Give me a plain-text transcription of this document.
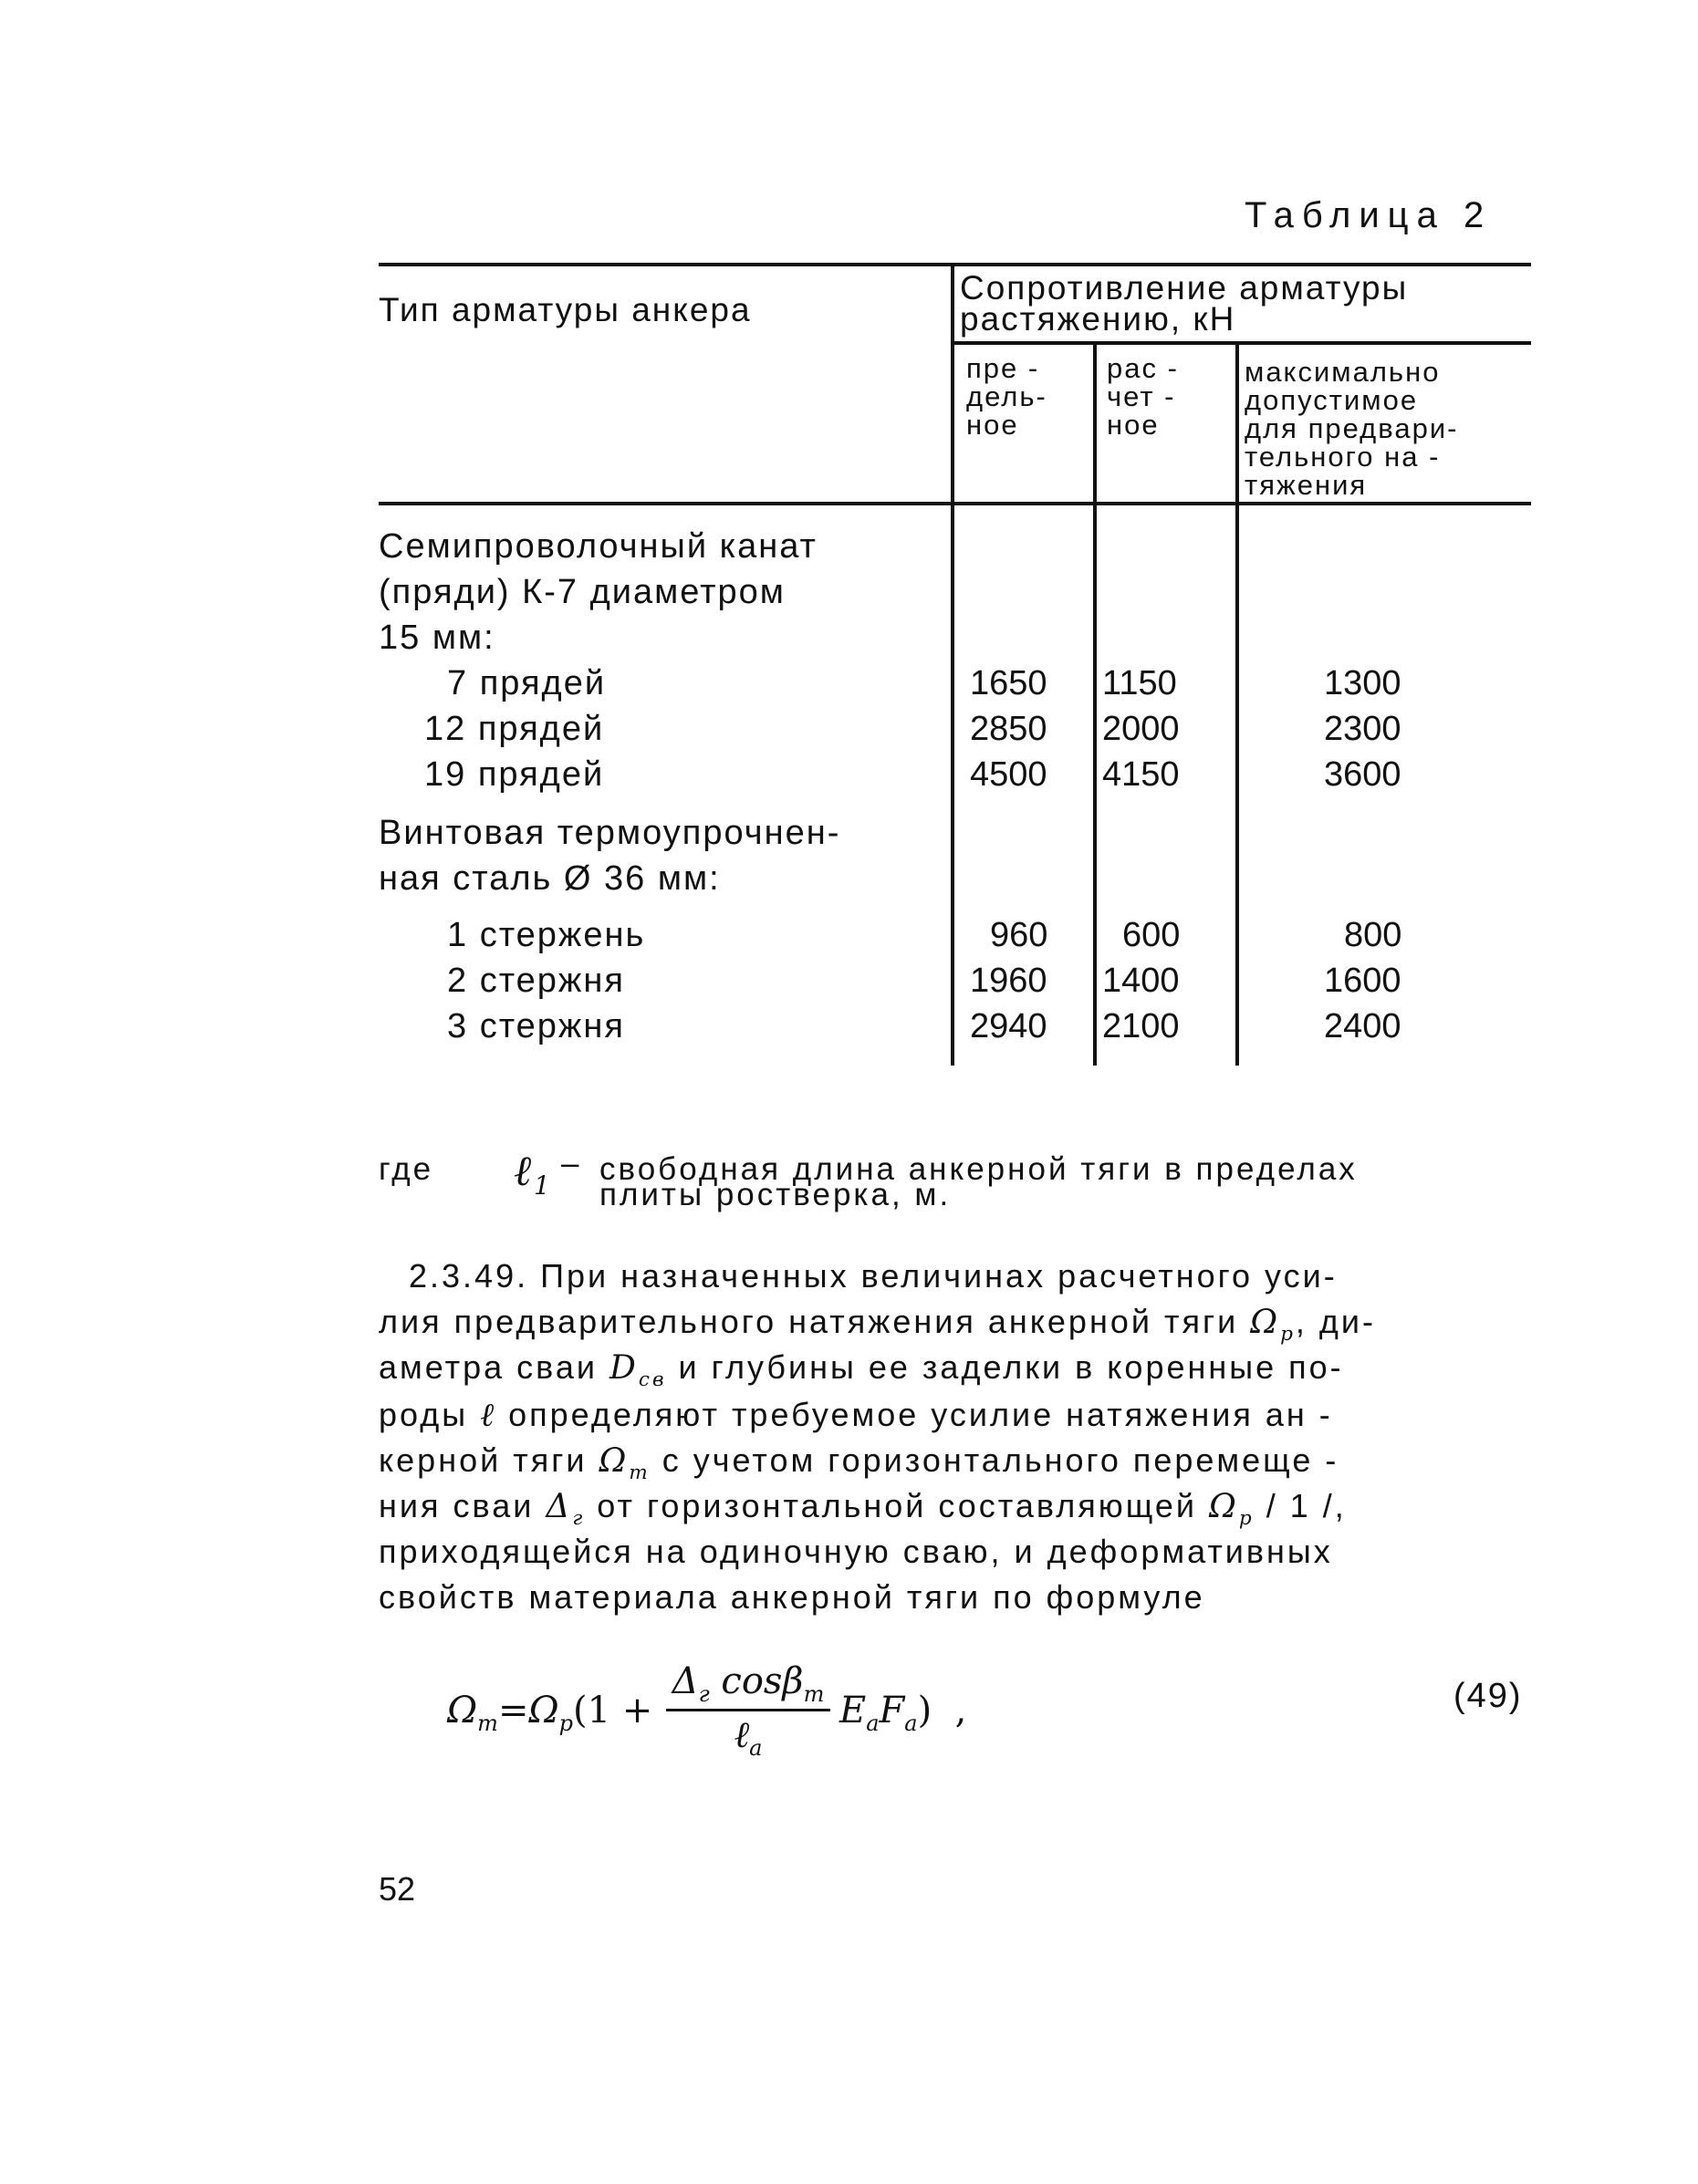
Таблица 2
Тип арматуры анкера
Сопротивление арматуры
растяжению, кН
пре -
дель-
ное
рас -
чет -
ное
максимально
допустимое
для предвари-
тельного на -
тяжения
Семипроволочный канат
(пряди) К-7 диаметром
15 мм:
7 прядей	1650 1150	1300
12 прядей	2850 2000	2300
19 прядей	4500 4150	3600
Винтовая термоупрочнен-
ная сталь Ø 36 мм:
1 стержень	960 600	800
2 стержня	1960 1400	1600
3 стержня	2940 2100	2400
где ℓ$_1$
– свободная длина анкерной тяги в пределах
плиты ростверка, м.
2.3.49. При назначенных величинах расчетного уси-
лия предварительного натяжения анкерной тяги $\Omega_р$, ди-
аметра сваи $D_{св}$ и глубины ее заделки в коренные по-
роды ℓ определяют требуемое усилие натяжения ан -
керной тяги $\Omega_т$ с учетом горизонтального перемеще -
ния сваи $\Delta_г$ от горизонтальной составляющей $\Omega_р / 1$ /,
приходящейся на одиночную сваю, и деформативных
свойств материала анкерной тяги по формуле
$\Omega_т=\Omega_р(1$ +
$\Delta_г$ cosβ$_т$
ℓ$_a$
$E_aF_a$) ,	(49)
52
